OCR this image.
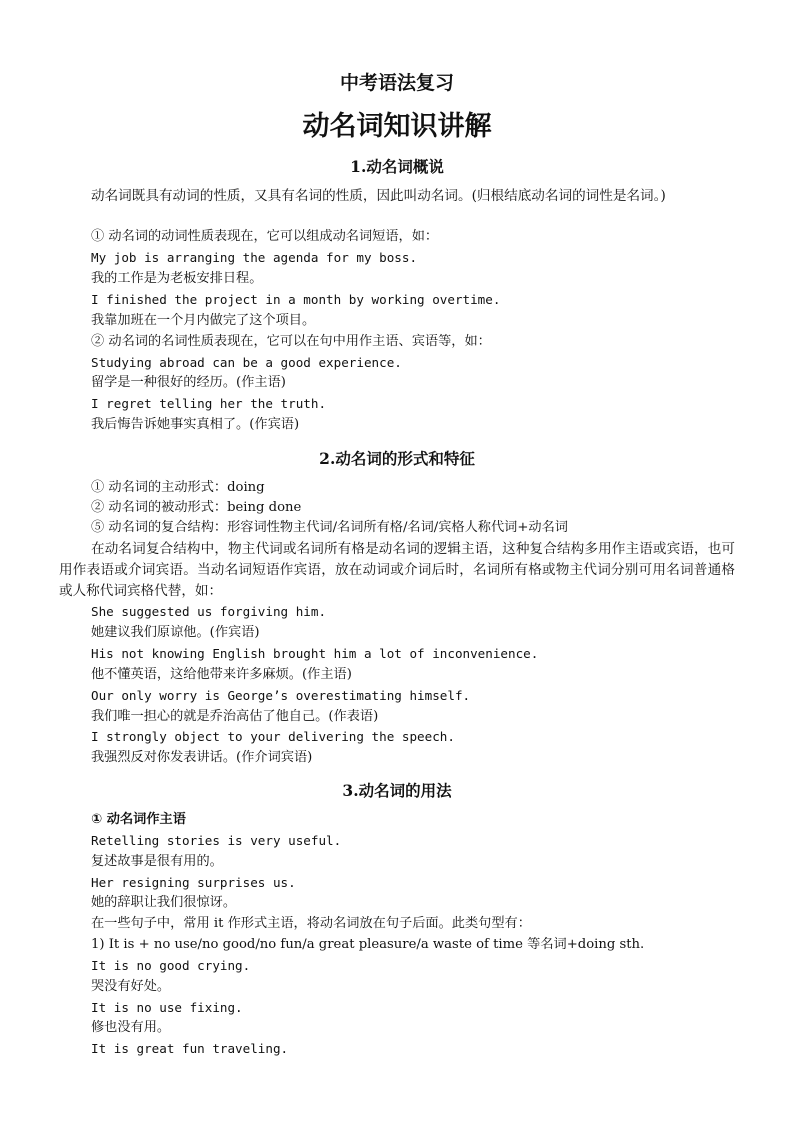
中考语法复习
动名词知识讲解
1.动名词概说
动名词既具有动词的性质，又具有名词的性质，因此叫动名词。(归根结底动名词的词性是名词。)
① 动名词的动词性质表现在，它可以组成动名词短语，如：
My job is arranging the agenda for my boss.
我的工作是为老板安排日程。
I finished the project in a month by working overtime.
我靠加班在一个月内做完了这个项目。
② 动名词的名词性质表现在，它可以在句中用作主语、宾语等，如：
Studying abroad can be a good experience.
留学是一种很好的经历。(作主语)
I regret telling her the truth.
我后悔告诉她事实真相了。(作宾语)
2.动名词的形式和特征
① 动名词的主动形式：doing
② 动名词的被动形式：being done
⑤ 动名词的复合结构：形容词性物主代词/名词所有格/名词/宾格人称代词+动名词
在动名词复合结构中，物主代词或名词所有格是动名词的逻辑主语，这种复合结构多用作主语或宾语，也可用作表语或介词宾语。当动名词短语作宾语，放在动词或介词后时，名词所有格或物主代词分别可用名词普通格或人称代词宾格代替，如：
She suggested us forgiving him.
她建议我们原谅他。(作宾语)
His not knowing English brought him a lot of inconvenience.
他不懂英语，这给他带来许多麻烦。(作主语)
Our only worry is George’s overestimating himself.
我们唯一担心的就是乔治高估了他自己。(作表语)
I strongly object to your delivering the speech.
我强烈反对你发表讲话。(作介词宾语)
3.动名词的用法
① 动名词作主语
Retelling stories is very useful.
复述故事是很有用的。
Her resigning surprises us.
她的辞职让我们很惊讶。
在一些句子中，常用 it 作形式主语，将动名词放在句子后面。此类句型有：
1) It is + no use/no good/no fun/a great pleasure/a waste of time 等名词+doing sth.
It is no good crying.
哭没有好处。
It is no use fixing.
修也没有用。
It is great fun traveling.
